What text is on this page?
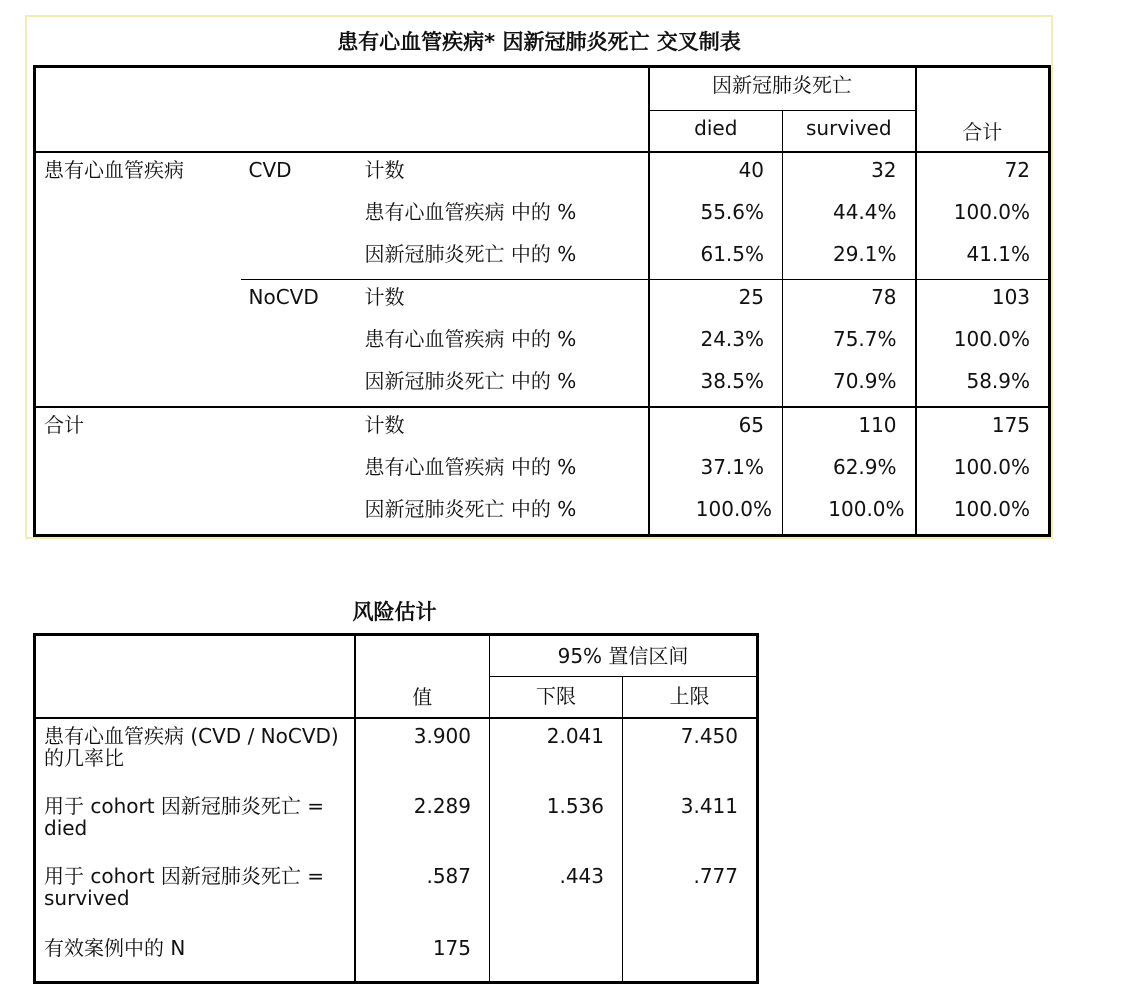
患有心血管疾病* 因新冠肺炎死亡 交叉制表
			因新冠肺炎死亡		合计
			died	survived	
患有心血管疾病	CVD	计数	40	32	72
		患有心血管疾病 中的 %	55.6%	44.4%	100.0%
		因新冠肺炎死亡 中的 %	61.5%	29.1%	41.1%
	NoCVD	计数	25	78	103
		患有心血管疾病 中的 %	24.3%	75.7%	100.0%
		因新冠肺炎死亡 中的 %	38.5%	70.9%	58.9%
合计		计数	65	110	175
		患有心血管疾病 中的 %	37.1%	62.9%	100.0%
		因新冠肺炎死亡 中的 %	100.0%	100.0%	100.0%
风险估计
	值	95% 置信区间	
		下限	上限
患有心血管疾病 (CVD / NoCVD) 的几率比	3.900	2.041	7.450
用于 cohort 因新冠肺炎死亡 = died	2.289	1.536	3.411
用于 cohort 因新冠肺炎死亡 = survived	.587	.443	.777
有效案例中的 N	175		
